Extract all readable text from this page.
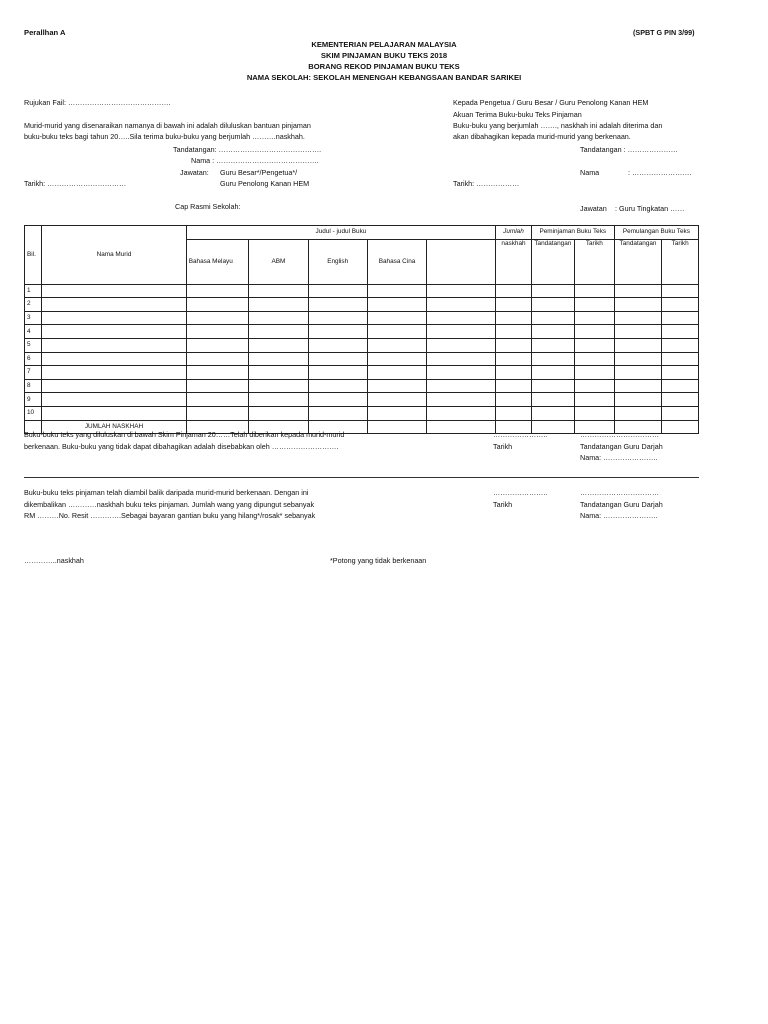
Perallhan A	(SPBT G PIN 3/99)
KEMENTERIAN PELAJARAN MALAYSIA
SKIM PINJAMAN BUKU TEKS 2018
BORANG REKOD PINJAMAN BUKU TEKS
NAMA SEKOLAH: SEKOLAH MENENGAH KEBANGSAAN BANDAR SARIKEI
Rujukan Fail: …………………………………….
Murid-murid yang disenaraikan namanya di bawah ini adalah diluluskan bantuan pinjaman
buku-buku teks bagi tahun 20…..Sila terima buku-buku yang berjumlah ……….naskhah.
Tandatangan: …………………………………….
Nama : …………………………………….
Jawatan: Guru Besar*/Pengetua*/
Guru Penolong Kanan HEM
Tarikh: ……………………………
Cap Rasmi Sekolah:
Kepada Pengetua / Guru Besar / Guru Penolong Kanan HEM
Akuan Terima Buku-buku Teks Pinjaman
Buku-buku yang berjumlah ……., naskhah ini adalah diterima dan
akan dibahagikan kepada murid-murid yang berkenaan.
Tandatangan : …………………
Nama	: …………………….
Tarikh: ………………
Jawatan : Guru Tingkatan ……
Bil.	Nama Murid	Judul - judul Buku					Jumlah	Peminjaman Buku Teks		Pemulangan Buku Teks	
		Bahasa Melayu	ABM	English	Bahasa Cina		naskhah	Tandatangan	Tarikh	Tandatangan	Tarikh
1											
2											
3											
4											
5											
6											
7											
8											
9											
10											
	JUMLAH NASKHAH										
Buku-buku teks yang diluluskan di bawah Skim Pinjaman 20……Telah diberikan kepada murid-murid
berkenaan. Buku-buku yang tidak dapat dibahagikan adalah disebabkan oleh ……………………….
…………………..	……………………………
Tarikh	Tandatangan Guru Darjah
Nama: …………………..
Buku-buku teks pinjaman telah diambil balik daripada murid-murid berkenaan. Dengan ini
dikembalikan …………naskhah buku teks pinjaman. Jumlah wang yang dipungut sebanyak
RM ………No. Resit ………….Sebagai bayaran gantian buku yang hilang*/rosak* sebanyak
…………………..	……………………………
Tarikh	Tandatangan Guru Darjah
Nama: …………………..
…………..naskhah	*Potong yang tidak berkenaan
